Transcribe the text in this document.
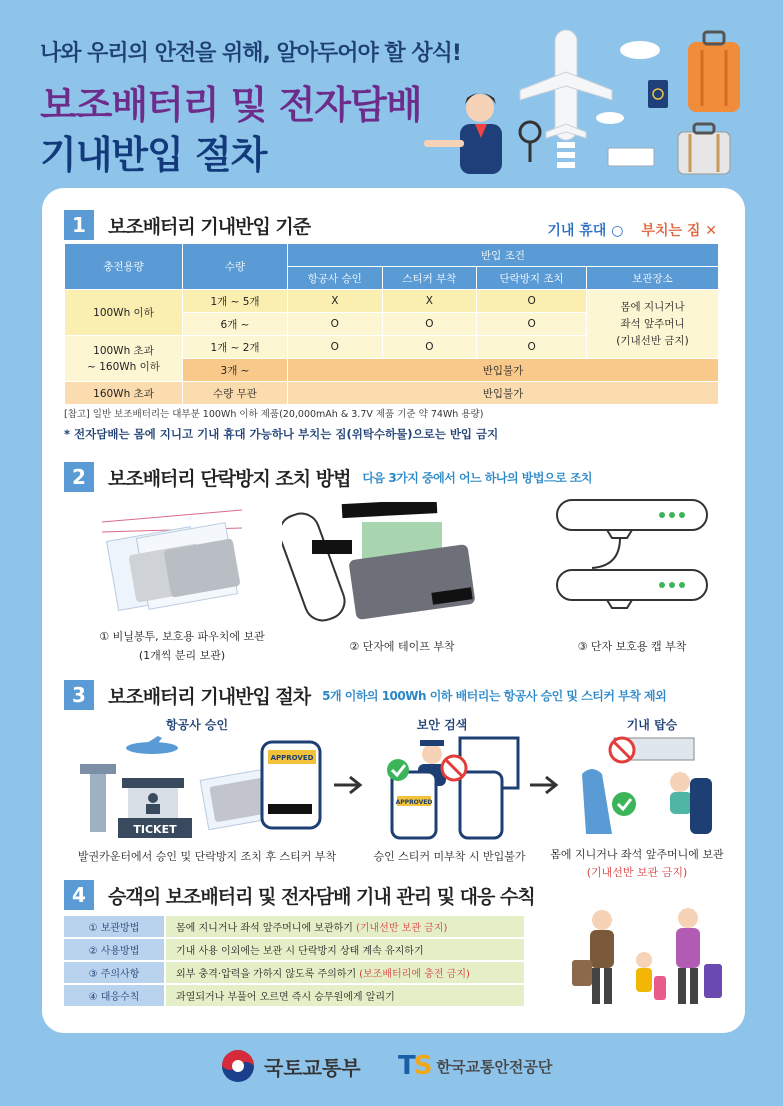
나와 우리의 안전을 위해, 알아두어야 할 상식!
보조배터리 및 전자담배
기내반입 절차
1	보조배터리 기내반입 기준	기내 휴대 ○ 부치는 짐 ✕
충전용량	수량	반입 조건			
		항공사 승인	스티커 부착	단락방지 조치	보관장소
100Wh 이하	1개 ~ 5개	X	X	O	몸에 지니거나
좌석 앞주머니
(기내선반 금지)

	6개 ~	O	O	O	

100Wh 초과
~ 160Wh 이하	1개 ~ 2개	O	O	O	
	3개 ~	반입불가			
160Wh 초과	수량 무관	반입불가			
[참고] 일반 보조배터리는 대부분 100Wh 이하 제품(20,000mAh & 3.7V 제품 기준 약 74Wh 용량)
* 전자담배는 몸에 지니고 기내 휴대 가능하나 부치는 짐(위탁수하물)으로는 반입 금지
2	보조배터리 단락방지 조치 방법 다음 3가지 중에서 어느 하나의 방법으로 조치
① 비닐봉투, 보호용 파우치에 보관
(1개씩 분리 보관)
② 단자에 테이프 부착	③ 단자 보호용 캡 부착
3	보조배터리 기내반입 절차 5개 이하의 100Wh 이하 배터리는 항공사 승인 및 스티커 부착 제외
항공사 승인	보안 검색	기내 탑승
TICKET
APPROVED
APPROVED
발권카운터에서 승인 및 단락방지 조치 후 스티커 부착	승인 스티커 미부착 시 반입불가	몸에 지니거나 좌석 앞주머니에 보관
(기내선반 보관 금지)
4	승객의 보조배터리 및 전자담배 기내 관리 및 대응 수칙
① 보관방법	몸에 지니거나 좌석 앞주머니에 보관하기 (기내선반 보관 금지)
② 사용방법	기내 사용 이외에는 보관 시 단락방지 상태 계속 유지하기
③ 주의사항	외부 충격·압력을 가하지 않도록 주의하기 (보조배터리에 충전 금지)
④ 대응수칙	과열되거나 부풀어 오르면 즉시 승무원에게 알리기
국토교통부 TS 한국교통안전공단
